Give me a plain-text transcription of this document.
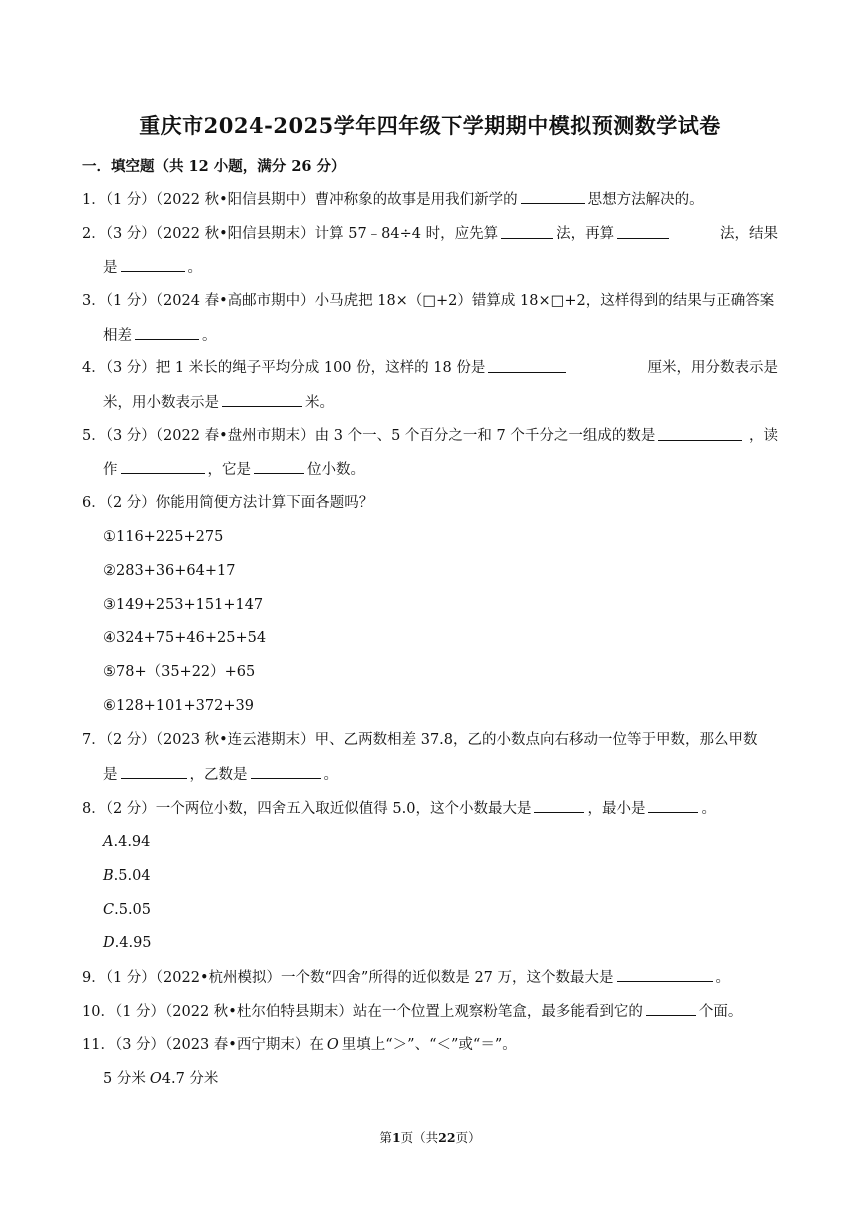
重庆市2024-2025学年四年级下学期期中模拟预测数学试卷
一．填空题（共 12 小题，满分 26 分）
1．（1 分）（2022 秋•阳信县期中）曹冲称象的故事是用我们新学的	思想方法解决的。
2．（3 分）（2022 秋•阳信县期末）计算 57﹣84÷4 时，应先算	法，再算	法，结果
是	。
3．（1 分）（2024 春•高邮市期中）小马虎把 18×（□+2）错算成 18×□+2，这样得到的结果与正确答案
相差	。
4．（3 分）把 1 米长的绳子平均分成 100 份，这样的 18 份是	厘米，用分数表示是
米，用小数表示是	米。
5．（3 分）（2022 春•盘州市期末）由 3 个一、5 个百分之一和 7 个千分之一组成的数是	，读
作	，它是	位小数。
6．（2 分）你能用简便方法计算下面各题吗？
①116+225+275
②283+36+64+17
③149+253+151+147
④324+75+46+25+54
⑤78+（35+22）+65
⑥128+101+372+39
7．（2 分）（2023 秋•连云港期末）甲、乙两数相差 37.8，乙的小数点向右移动一位等于甲数，那么甲数
是	，乙数是	。
8．（2 分）一个两位小数，四舍五入取近似值得 5.0，这个小数最大是	，最小是	。
A.4.94
B.5.04
C.5.05
D.4.95
9．（1 分）（2022•杭州模拟）一个数“四舍”所得的近似数是 27 万，这个数最大是	。
10．（1 分）（2022 秋•杜尔伯特县期末）站在一个位置上观察粉笔盒，最多能看到它的	个面。
11．（3 分）（2023 春•西宁期末）在 O 里填上“＞”、“＜”或“＝”。
5 分米 O4.7 分米
第1页（共22页）
